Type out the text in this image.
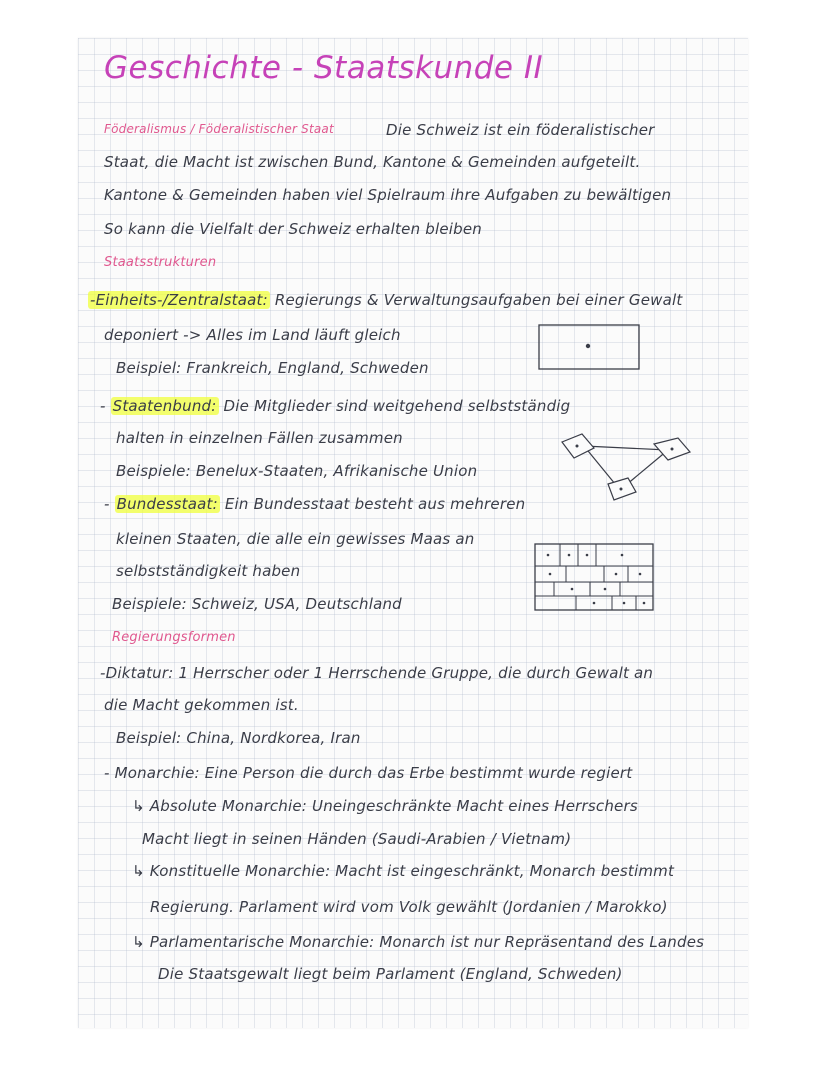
Geschichte - Staatskunde II
Föderalismus / Föderalistischer Staat	Die Schweiz ist ein föderalistischer
Staat, die Macht ist zwischen Bund, Kantone & Gemeinden aufgeteilt.
Kantone & Gemeinden haben viel Spielraum ihre Aufgaben zu bewältigen
So kann die Vielfalt der Schweiz erhalten bleiben
Staatsstrukturen
-Einheits-/Zentralstaat: Regierungs & Verwaltungsaufgaben bei einer Gewalt
deponiert -> Alles im Land läuft gleich
Beispiel: Frankreich, England, Schweden
- Staatenbund: Die Mitglieder sind weitgehend selbstständig
halten in einzelnen Fällen zusammen
Beispiele: Benelux-Staaten, Afrikanische Union
- Bundesstaat: Ein Bundesstaat besteht aus mehreren
kleinen Staaten, die alle ein gewisses Maas an
selbstständigkeit haben
Beispiele: Schweiz, USA, Deutschland
Regierungsformen
-Diktatur: 1 Herrscher oder 1 Herrschende Gruppe, die durch Gewalt an
die Macht gekommen ist.
Beispiel: China, Nordkorea, Iran
- Monarchie: Eine Person die durch das Erbe bestimmt wurde regiert
↳ Absolute Monarchie: Uneingeschränkte Macht eines Herrschers
Macht liegt in seinen Händen (Saudi-Arabien / Vietnam)
↳ Konstituelle Monarchie: Macht ist eingeschränkt, Monarch bestimmt
Regierung. Parlament wird vom Volk gewählt (Jordanien / Marokko)
↳ Parlamentarische Monarchie: Monarch ist nur Repräsentand des Landes
Die Staatsgewalt liegt beim Parlament (England, Schweden)
